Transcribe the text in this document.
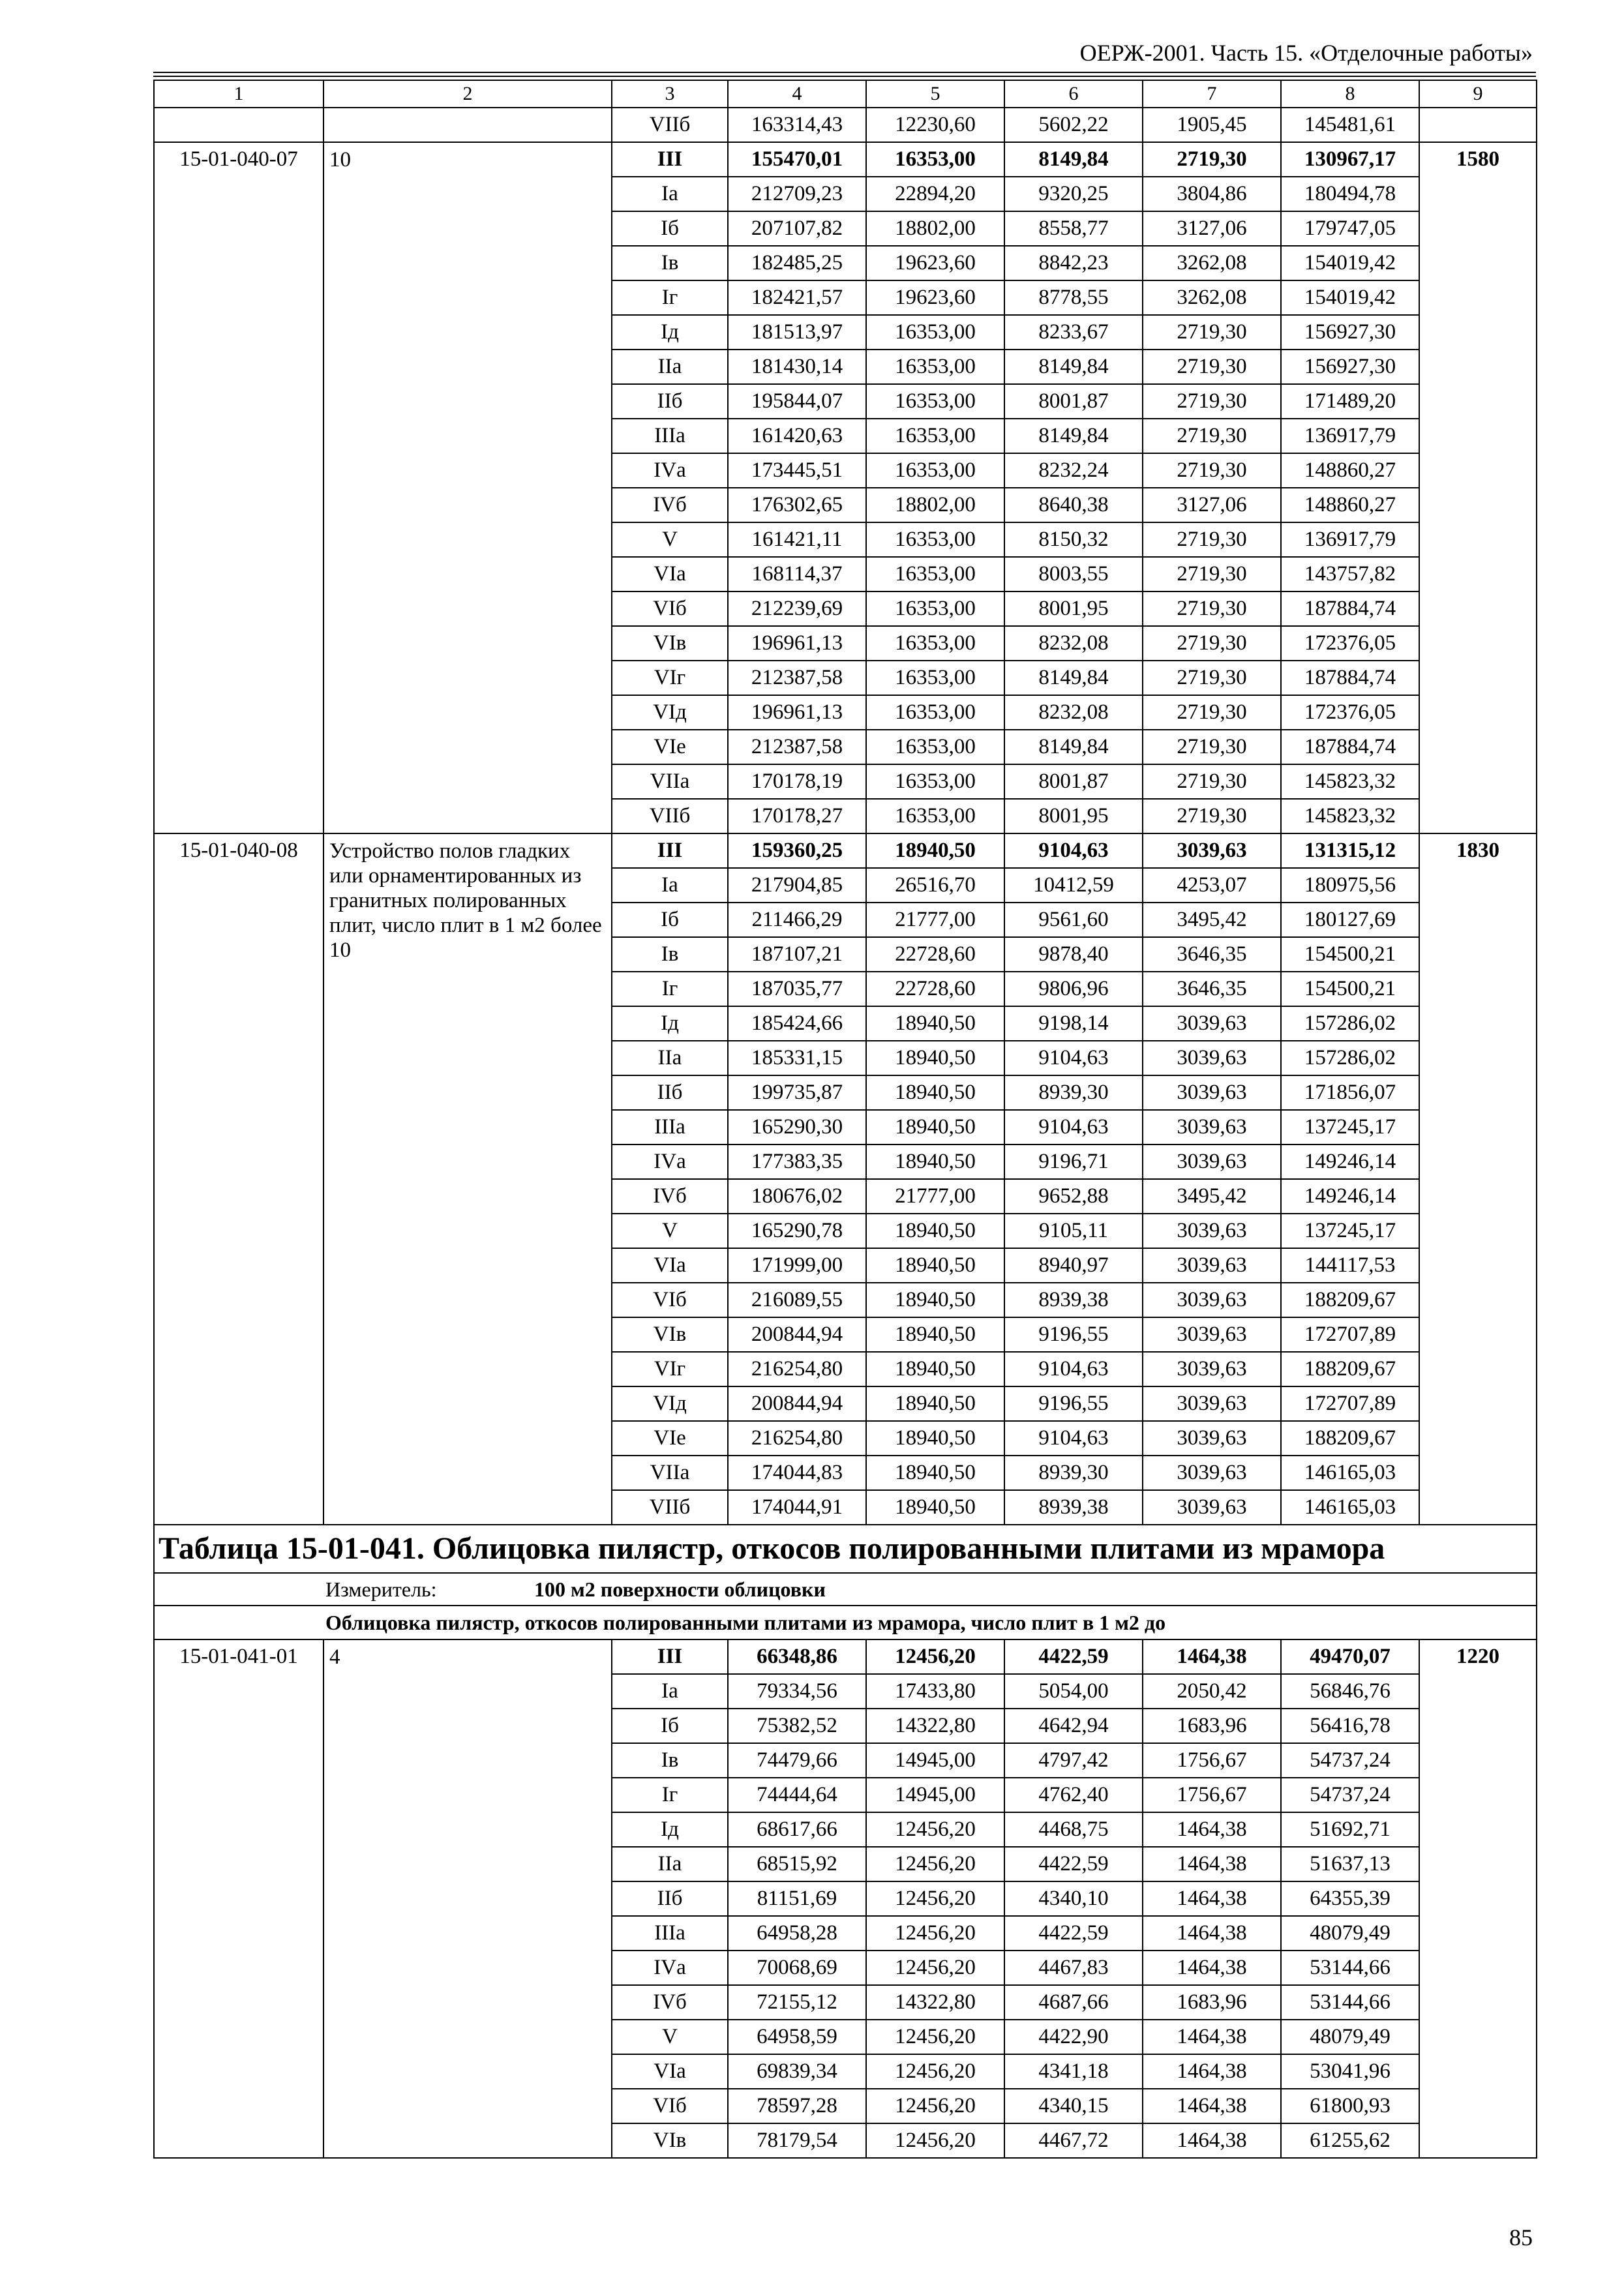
ОЕРЖ-2001. Часть 15. «Отделочные работы»
1	2	3	4	5	6	7	8	9
		VIIб	163314,43	12230,60	5602,22	1905,45	145481,61	
15-01-040-07	10	III	155470,01	16353,00	8149,84	2719,30	130967,17	1580
		Iа	212709,23	22894,20	9320,25	3804,86	180494,78	
		Iб	207107,82	18802,00	8558,77	3127,06	179747,05	
		Iв	182485,25	19623,60	8842,23	3262,08	154019,42	
		Iг	182421,57	19623,60	8778,55	3262,08	154019,42	
		Iд	181513,97	16353,00	8233,67	2719,30	156927,30	
		IIа	181430,14	16353,00	8149,84	2719,30	156927,30	
		IIб	195844,07	16353,00	8001,87	2719,30	171489,20	
		IIIа	161420,63	16353,00	8149,84	2719,30	136917,79	
		IVа	173445,51	16353,00	8232,24	2719,30	148860,27	
		IVб	176302,65	18802,00	8640,38	3127,06	148860,27	
		V	161421,11	16353,00	8150,32	2719,30	136917,79	
		VIа	168114,37	16353,00	8003,55	2719,30	143757,82	
		VIб	212239,69	16353,00	8001,95	2719,30	187884,74	
		VIв	196961,13	16353,00	8232,08	2719,30	172376,05	
		VIг	212387,58	16353,00	8149,84	2719,30	187884,74	
		VIд	196961,13	16353,00	8232,08	2719,30	172376,05	
		VIе	212387,58	16353,00	8149,84	2719,30	187884,74	
		VIIа	170178,19	16353,00	8001,87	2719,30	145823,32	
		VIIб	170178,27	16353,00	8001,95	2719,30	145823,32	
15-01-040-08	Устройство полов гладких или орнаментированных из гранитных полированных плит, число плит в 1 м2 более 10	III	159360,25	18940,50	9104,63	3039,63	131315,12	1830
		Iа	217904,85	26516,70	10412,59	4253,07	180975,56	
		Iб	211466,29	21777,00	9561,60	3495,42	180127,69	
		Iв	187107,21	22728,60	9878,40	3646,35	154500,21	
		Iг	187035,77	22728,60	9806,96	3646,35	154500,21	
		Iд	185424,66	18940,50	9198,14	3039,63	157286,02	
		IIа	185331,15	18940,50	9104,63	3039,63	157286,02	
		IIб	199735,87	18940,50	8939,30	3039,63	171856,07	
		IIIа	165290,30	18940,50	9104,63	3039,63	137245,17	
		IVа	177383,35	18940,50	9196,71	3039,63	149246,14	
		IVб	180676,02	21777,00	9652,88	3495,42	149246,14	
		V	165290,78	18940,50	9105,11	3039,63	137245,17	
		VIа	171999,00	18940,50	8940,97	3039,63	144117,53	
		VIб	216089,55	18940,50	8939,38	3039,63	188209,67	
		VIв	200844,94	18940,50	9196,55	3039,63	172707,89	
		VIг	216254,80	18940,50	9104,63	3039,63	188209,67	
		VIд	200844,94	18940,50	9196,55	3039,63	172707,89	
		VIе	216254,80	18940,50	9104,63	3039,63	188209,67	
		VIIа	174044,83	18940,50	8939,30	3039,63	146165,03	
		VIIб	174044,91	18940,50	8939,38	3039,63	146165,03	
Таблица 15-01-041. Облицовка пилястр, откосов полированными плитами из мрамора								
Измеритель: 100 м2 поверхности облицовки								
Облицовка пилястр, откосов полированными плитами из мрамора, число плит в 1 м2 до								
15-01-041-01	4	III	66348,86	12456,20	4422,59	1464,38	49470,07	1220
		Iа	79334,56	17433,80	5054,00	2050,42	56846,76	
		Iб	75382,52	14322,80	4642,94	1683,96	56416,78	
		Iв	74479,66	14945,00	4797,42	1756,67	54737,24	
		Iг	74444,64	14945,00	4762,40	1756,67	54737,24	
		Iд	68617,66	12456,20	4468,75	1464,38	51692,71	
		IIа	68515,92	12456,20	4422,59	1464,38	51637,13	
		IIб	81151,69	12456,20	4340,10	1464,38	64355,39	
		IIIа	64958,28	12456,20	4422,59	1464,38	48079,49	
		IVа	70068,69	12456,20	4467,83	1464,38	53144,66	
		IVб	72155,12	14322,80	4687,66	1683,96	53144,66	
		V	64958,59	12456,20	4422,90	1464,38	48079,49	
		VIа	69839,34	12456,20	4341,18	1464,38	53041,96	
		VIб	78597,28	12456,20	4340,15	1464,38	61800,93	
		VIв	78179,54	12456,20	4467,72	1464,38	61255,62	
85
